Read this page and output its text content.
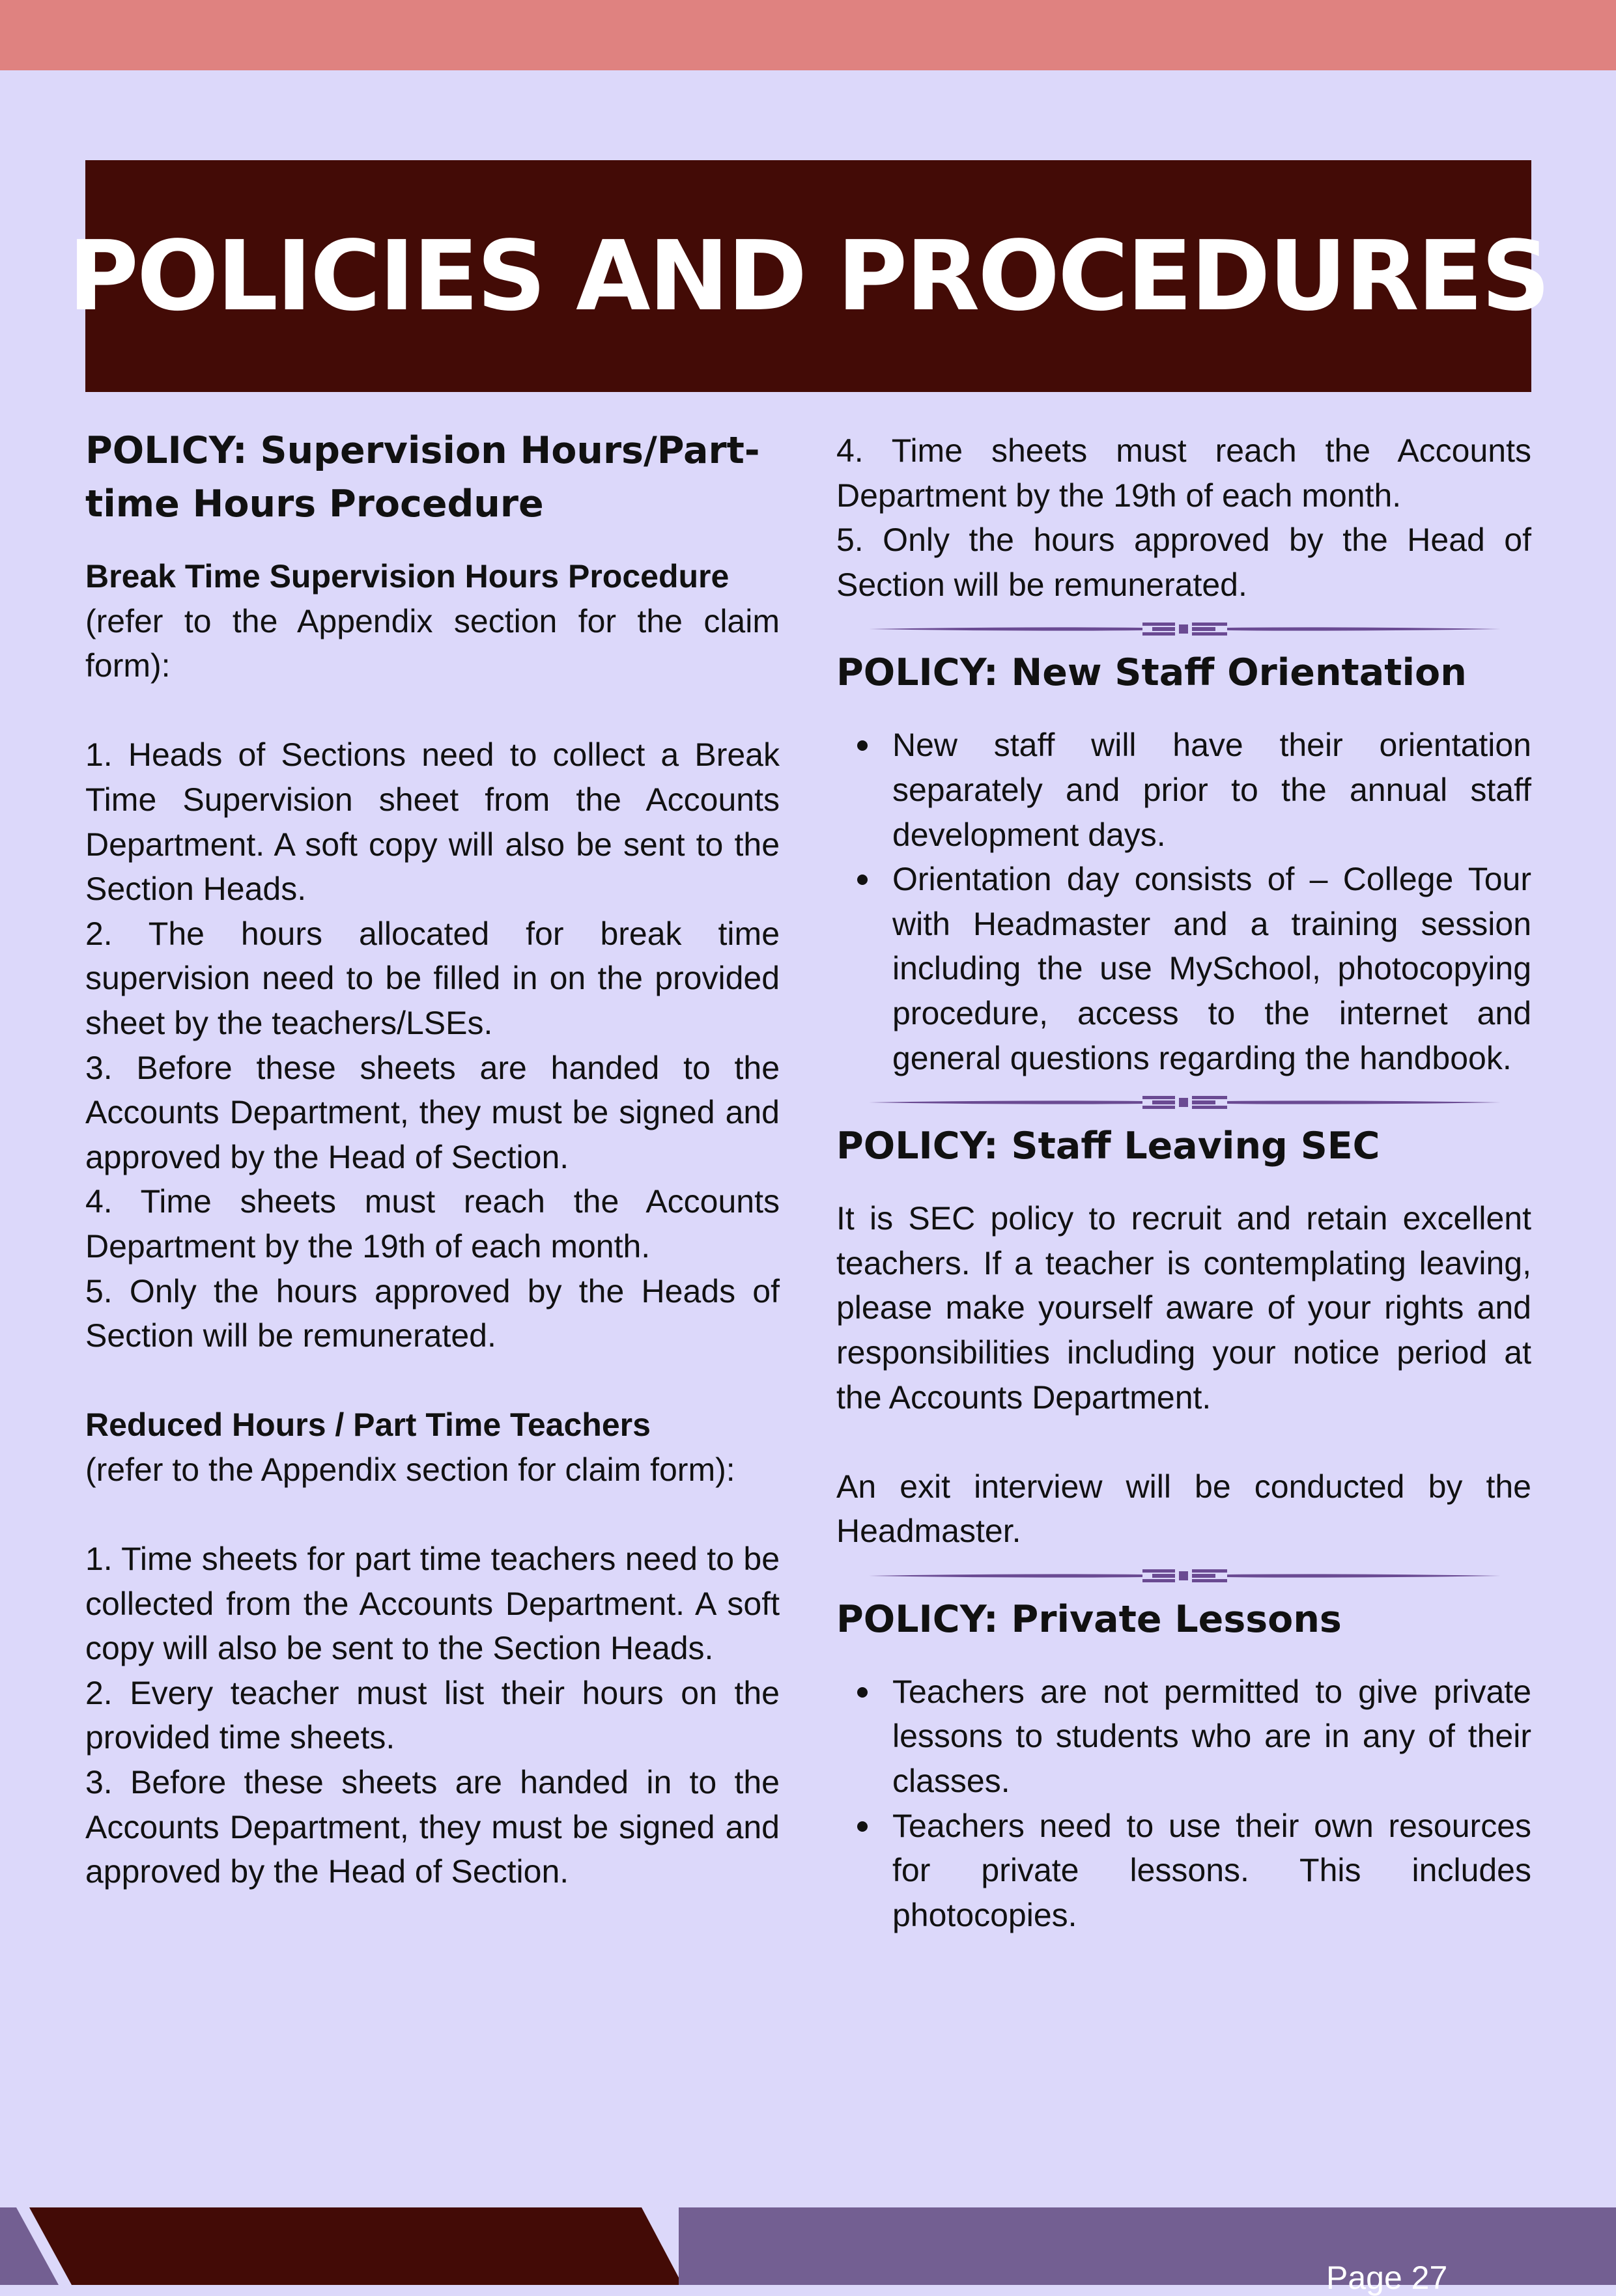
POLICIES AND PROCEDURES
POLICY: Supervision Hours/Part-
time Hours Procedure
Break Time Supervision Hours Procedure

(refer to the Appendix section for the claim form):

1. Heads of Sections need to collect a Break Time Supervision sheet from the Accounts Department. A soft copy will also be sent to the Section Heads.

2. The hours allocated for break time supervision need to be filled in on the provided sheet by the teachers/LSEs.

3. Before these sheets are handed to the Accounts Department, they must be signed and approved by the Head of Section.

4. Time sheets must reach the Accounts Department by the 19th of each month.

5. Only the hours approved by the Heads of Section will be remunerated.

Reduced Hours / Part Time Teachers

(refer to the Appendix section for claim form):

1. Time sheets for part time teachers need to be collected from the Accounts Department. A soft copy will also be sent to the Section Heads.

2. Every teacher must list their hours on the provided time sheets.

3. Before these sheets are handed in to the Accounts Department, they must be signed and approved by the Head of Section.

4. Time sheets must reach the Accounts Department by the 19th of each month.

5. Only the hours approved by the Head of Section will be remunerated.

POLICY: New Staff Orientation
New staff will have their orientation separately and prior to the annual staff development days.
Orientation day consists of – College Tour with Headmaster and a training session including the use MySchool, photocopying procedure, access to the internet and general questions regarding the handbook.
POLICY: Staff Leaving SEC

It is SEC policy to recruit and retain excellent teachers. If a teacher is contemplating leaving, please make yourself aware of your rights and responsibilities including your notice period at the Accounts Department.

An exit interview will be conducted by the Headmaster.

POLICY: Private Lessons
Teachers are not permitted to give private lessons to students who are in any of their classes.
Teachers need to use their own resources for private lessons. This includes photocopies.
Page 27
